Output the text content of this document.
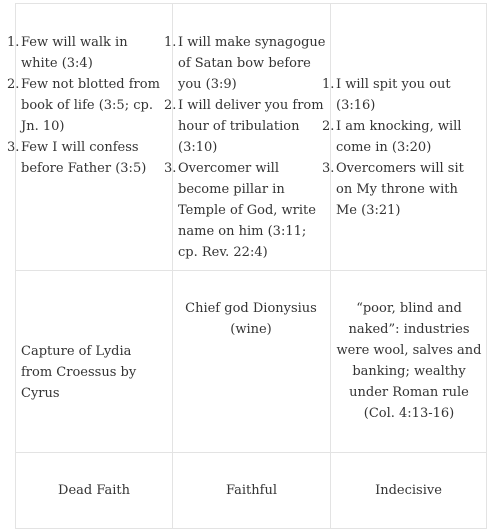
1. Few will walk in white (3:4)
2. Few not blotted from book of life (3:5; cp. Jn. 10)
3. Few I will confess before Father (3:5)
1. I will make synagogue of Satan bow before you (3:9)
2. I will deliver you from hour of tribulation (3:10)
3. Overcomer will become pillar in Temple of God, write name on him (3:11; cp. Rev. 22:4)
1. I will spit you out (3:16)
2. I am knocking, will come in (3:20)
3. Overcomers will sit on My throne with Me (3:21)
Capture of Lydia from Croessus by Cyrus
Chief god Dionysius (wine)
“poor, blind and naked”: industries were wool, salves and banking; wealthy under Roman rule (Col. 4:13-16)
Dead Faith	Faithful	Indecisive
